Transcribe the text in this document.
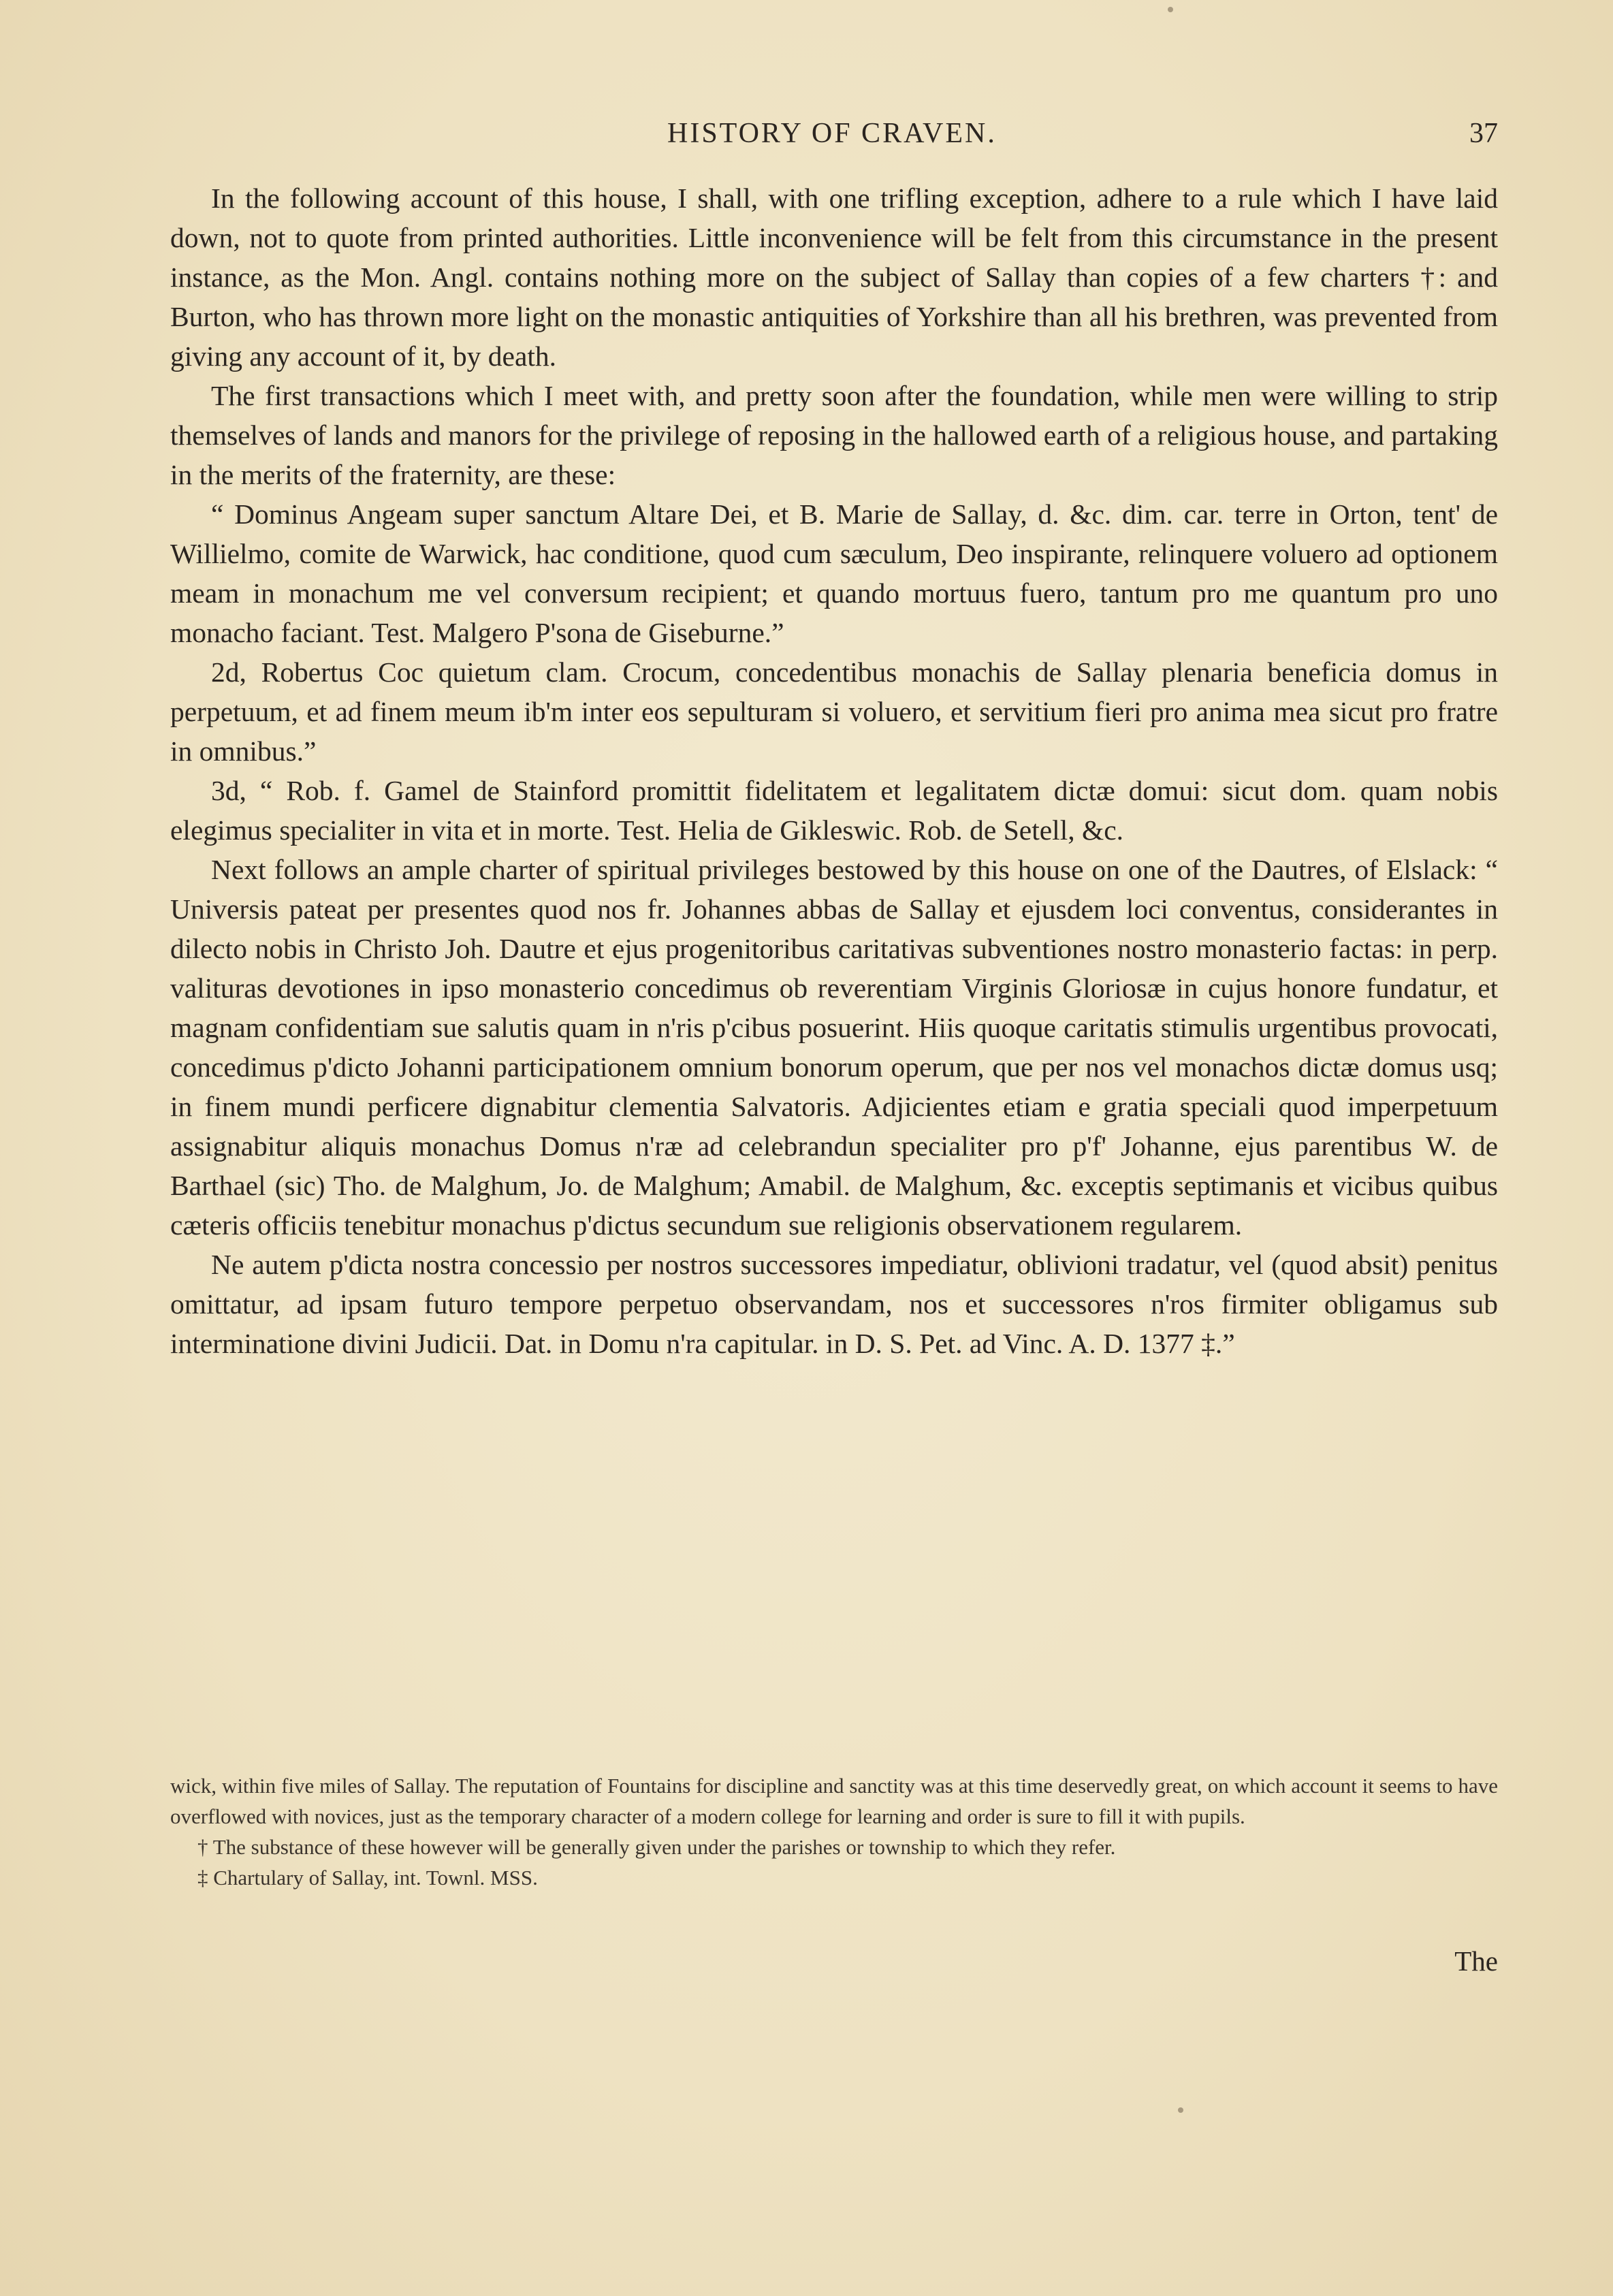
HISTORY OF CRAVEN.	37

In the following account of this house, I shall, with one trifling exception, adhere to a rule which I have laid down, not to quote from printed authorities. Little inconvenience will be felt from this circumstance in the present instance, as the Mon. Angl. contains nothing more on the subject of Sallay than copies of a few charters †: and Burton, who has thrown more light on the monastic antiquities of Yorkshire than all his brethren, was prevented from giving any account of it, by death.

The first transactions which I meet with, and pretty soon after the foundation, while men were willing to strip themselves of lands and manors for the privilege of reposing in the hallowed earth of a religious house, and partaking in the merits of the fraternity, are these:

“ Dominus Angeam super sanctum Altare Dei, et B. Marie de Sallay, d. &c. dim. car. terre in Orton, tent' de Willielmo, comite de Warwick, hac conditione, quod cum sæculum, Deo inspirante, relinquere voluero ad optionem meam in monachum me vel conversum recipient; et quando mortuus fuero, tantum pro me quantum pro uno monacho faciant. Test. Malgero P'sona de Giseburne.”

2d, Robertus Coc quietum clam. Crocum, concedentibus monachis de Sallay plenaria beneficia domus in perpetuum, et ad finem meum ib'm inter eos sepulturam si voluero, et servitium fieri pro anima mea sicut pro fratre in omnibus.”

3d, “ Rob. f. Gamel de Stainford promittit fidelitatem et legalitatem dictæ domui: sicut dom. quam nobis elegimus specialiter in vita et in morte. Test. Helia de Gikleswic. Rob. de Setell, &c.

Next follows an ample charter of spiritual privileges bestowed by this house on one of the Dautres, of Elslack: “ Universis pateat per presentes quod nos fr. Johannes abbas de Sallay et ejusdem loci conventus, considerantes in dilecto nobis in Christo Joh. Dautre et ejus progenitoribus caritativas subventiones nostro monasterio factas: in perp. valituras devotiones in ipso monasterio concedimus ob reverentiam Virginis Gloriosæ in cujus honore fundatur, et magnam confidentiam sue salutis quam in n'ris p'cibus posuerint. Hiis quoque caritatis stimulis urgentibus provocati, concedimus p'dicto Johanni participationem omnium bonorum operum, que per nos vel monachos dictæ domus usq; in finem mundi perficere dignabitur clementia Salvatoris. Adjicientes etiam e gratia speciali quod imperpetuum assignabitur aliquis monachus Domus n'ræ ad celebrandun specialiter pro p'f' Johanne, ejus parentibus W. de Barthael (sic) Tho. de Malghum, Jo. de Malghum; Amabil. de Malghum, &c. exceptis septimanis et vicibus quibus cæteris officiis tenebitur monachus p'dictus secundum sue religionis observationem regularem.

Ne autem p'dicta nostra concessio per nostros successores impediatur, oblivioni tradatur, vel (quod absit) penitus omittatur, ad ipsam futuro tempore perpetuo observandam, nos et successores n'ros firmiter obligamus sub interminatione divini Judicii. Dat. in Domu n'ra capitular. in D. S. Pet. ad Vinc. A. D. 1377 ‡.”

wick, within five miles of Sallay. The reputation of Fountains for discipline and sanctity was at this time deservedly great, on which account it seems to have overflowed with novices, just as the temporary character of a modern college for learning and order is sure to fill it with pupils.

† The substance of these however will be generally given under the parishes or township to which they refer.

‡ Chartulary of Sallay, int. Townl. MSS.

The
